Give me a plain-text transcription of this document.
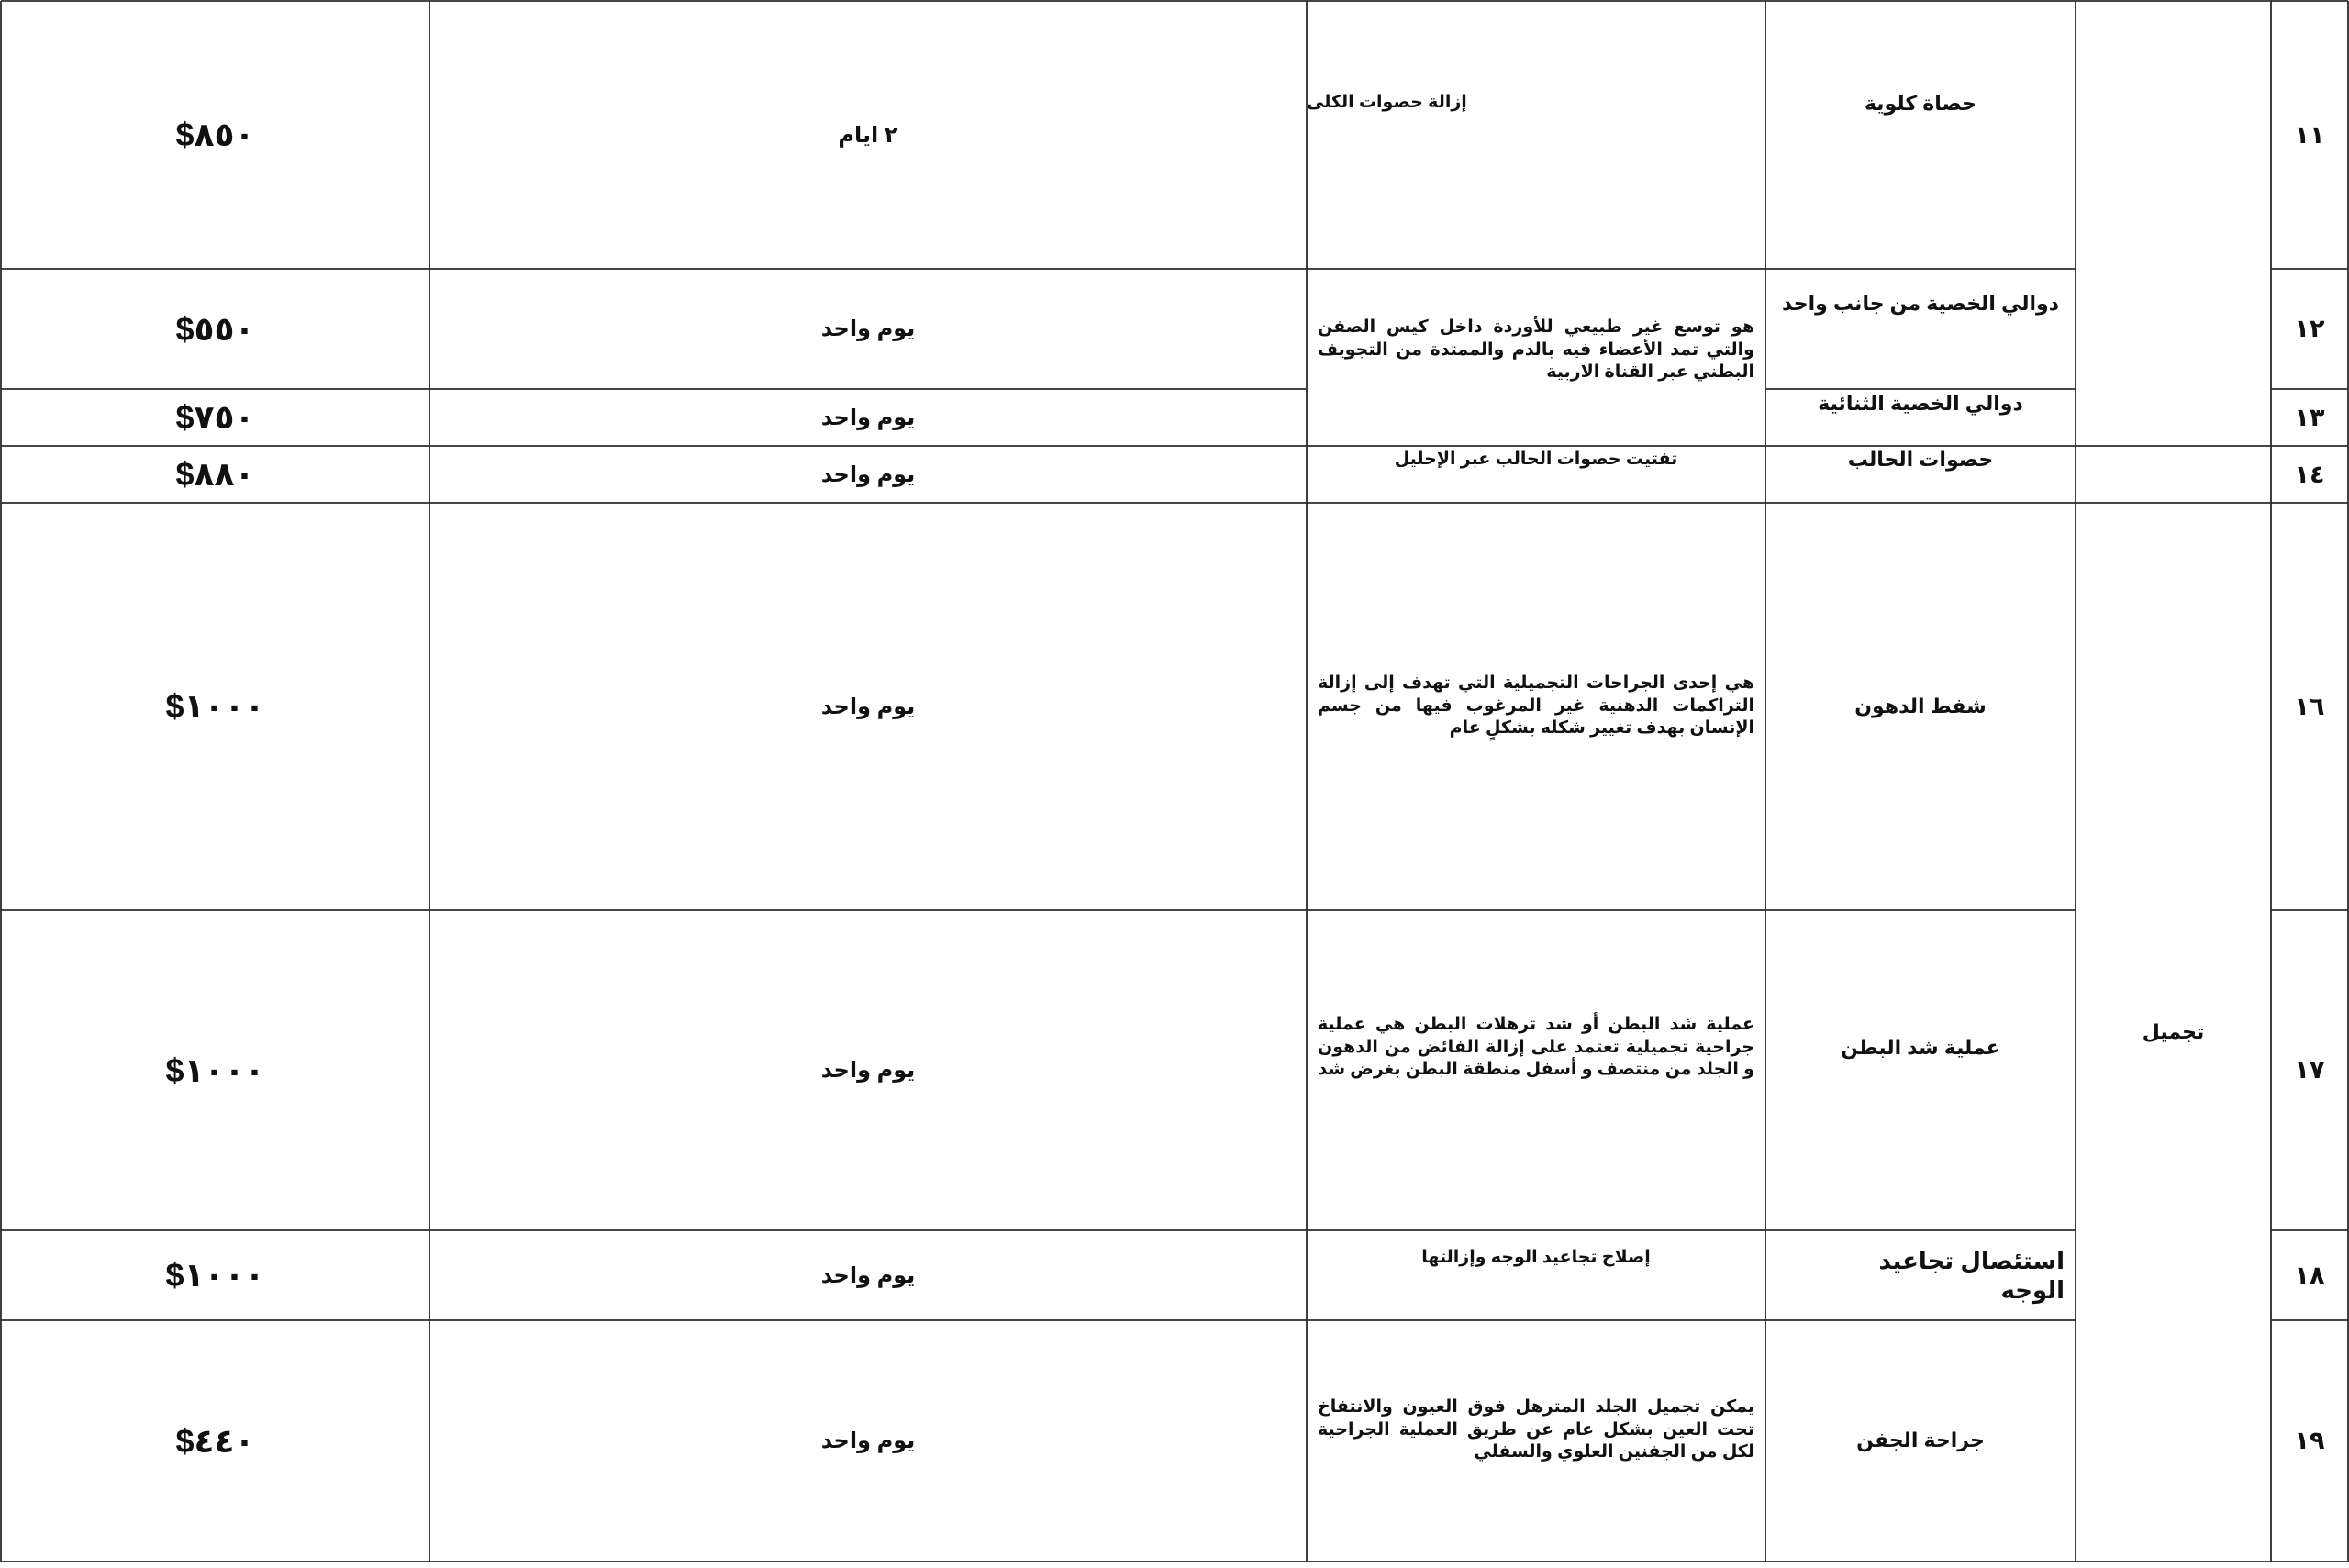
١١
حصاة كلوية
إزالة حصوات الكلى
٢ ايام
$٨٥٠
١٢
دوالي الخصية من جانب واحد
هو توسع غير طبيعي للأوردة داخل كيس الصفن والتي تمد الأعضاء فيه بالدم والممتدة من التجويف البطني عبر القناة الاربية
يوم واحد
$٥٥٠
١٣
دوالي الخصية الثنائية
يوم واحد
$٧٥٠
١٤
حصوات الحالب
تفتيت حصوات الحالب عبر الإحليل
يوم واحد
$٨٨٠
تجميل
١٦
شفط الدهون
هي إحدى الجراحات التجميلية التي تهدف إلى إزالة التراكمات الدهنية غير المرغوب فيها من جسم الإنسان بهدف تغيير شكله بشكلٍ عام
يوم واحد
$١٠٠٠
١٧
عملية شد البطن
عملية شد البطن أو شد ترهلات البطن هي عملية جراحية تجميلية تعتمد على إزالة الفائض من الدهون و الجلد من منتصف و أسفل منطقة البطن بغرض شد
يوم واحد
$١٠٠٠
١٨
استئصال تجاعيد الوجه
إصلاح تجاعيد الوجه وإزالتها
يوم واحد
$١٠٠٠
١٩
جراحة الجفن
يمكن تجميل الجلد المترهل فوق العيون والانتفاخ تحت العين بشكل عام عن طريق العملية الجراحية لكل من الجفنين العلوي والسفلي
يوم واحد
$٤٤٠
